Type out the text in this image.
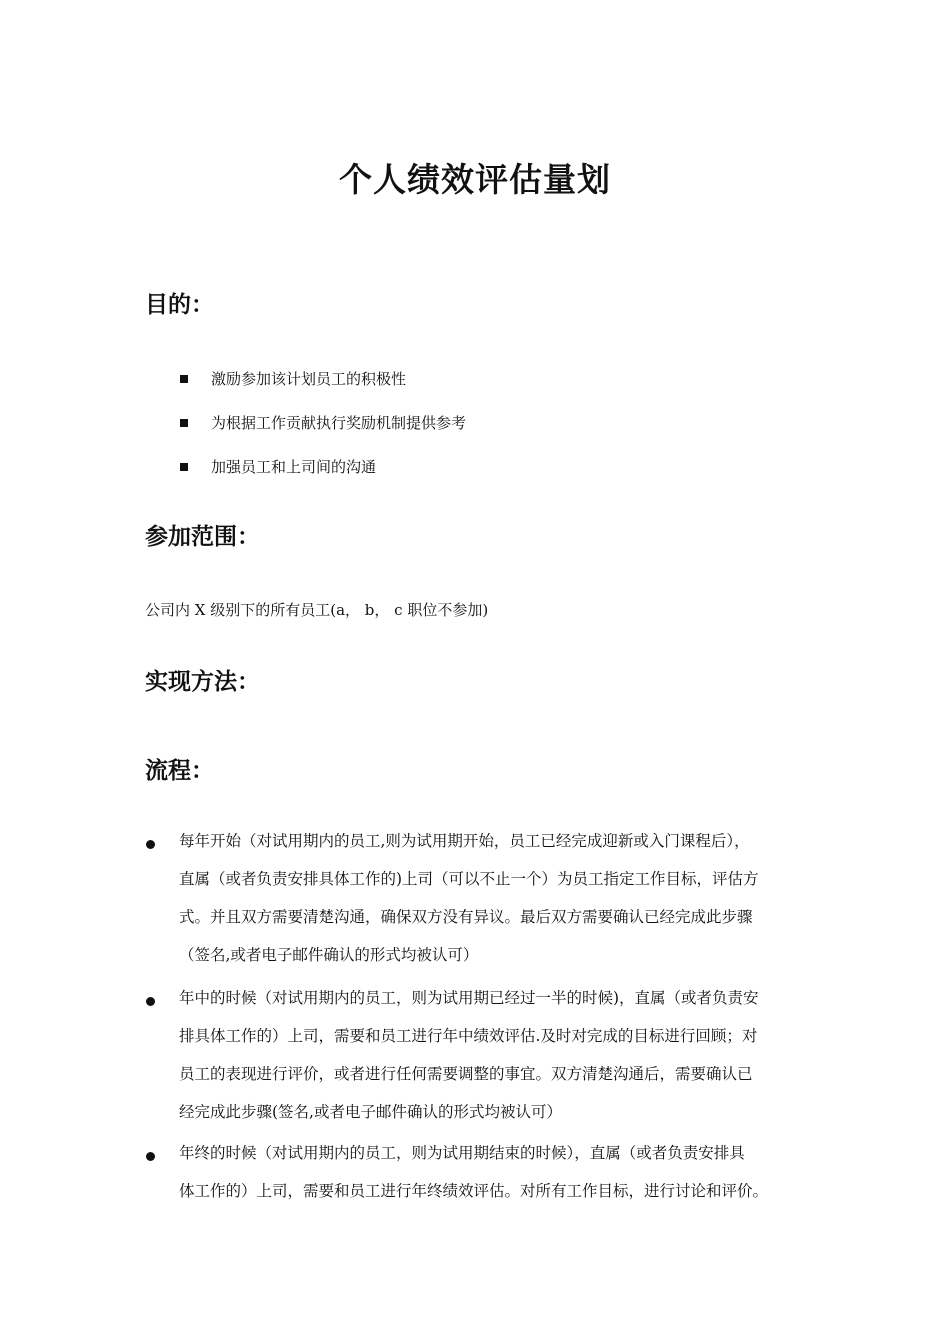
个人绩效评估量划
目的：
激励参加该计划员工的积极性
为根据工作贡献执行奖励机制提供参考
加强员工和上司间的沟通
参加范围：
公司内 X 级别下的所有员工(a， b， c 职位不参加)
实现方法：
流程：
每年开始（对试用期内的员工,则为试用期开始，员工已经完成迎新或入门课程后），
直属（或者负责安排具体工作的)上司（可以不止一个）为员工指定工作目标，评估方
式。并且双方需要清楚沟通，确保双方没有异议。最后双方需要确认已经完成此步骤
（签名,或者电子邮件确认的形式均被认可）
年中的时候（对试用期内的员工，则为试用期已经过一半的时候)，直属（或者负责安
排具体工作的）上司，需要和员工进行年中绩效评估.及时对完成的目标进行回顾；对
员工的表现进行评价，或者进行任何需要调整的事宜。双方清楚沟通后，需要确认已
经完成此步骤(签名,或者电子邮件确认的形式均被认可）
年终的时候（对试用期内的员工，则为试用期结束的时候），直属（或者负责安排具
体工作的）上司，需要和员工进行年终绩效评估。对所有工作目标，进行讨论和评价。
